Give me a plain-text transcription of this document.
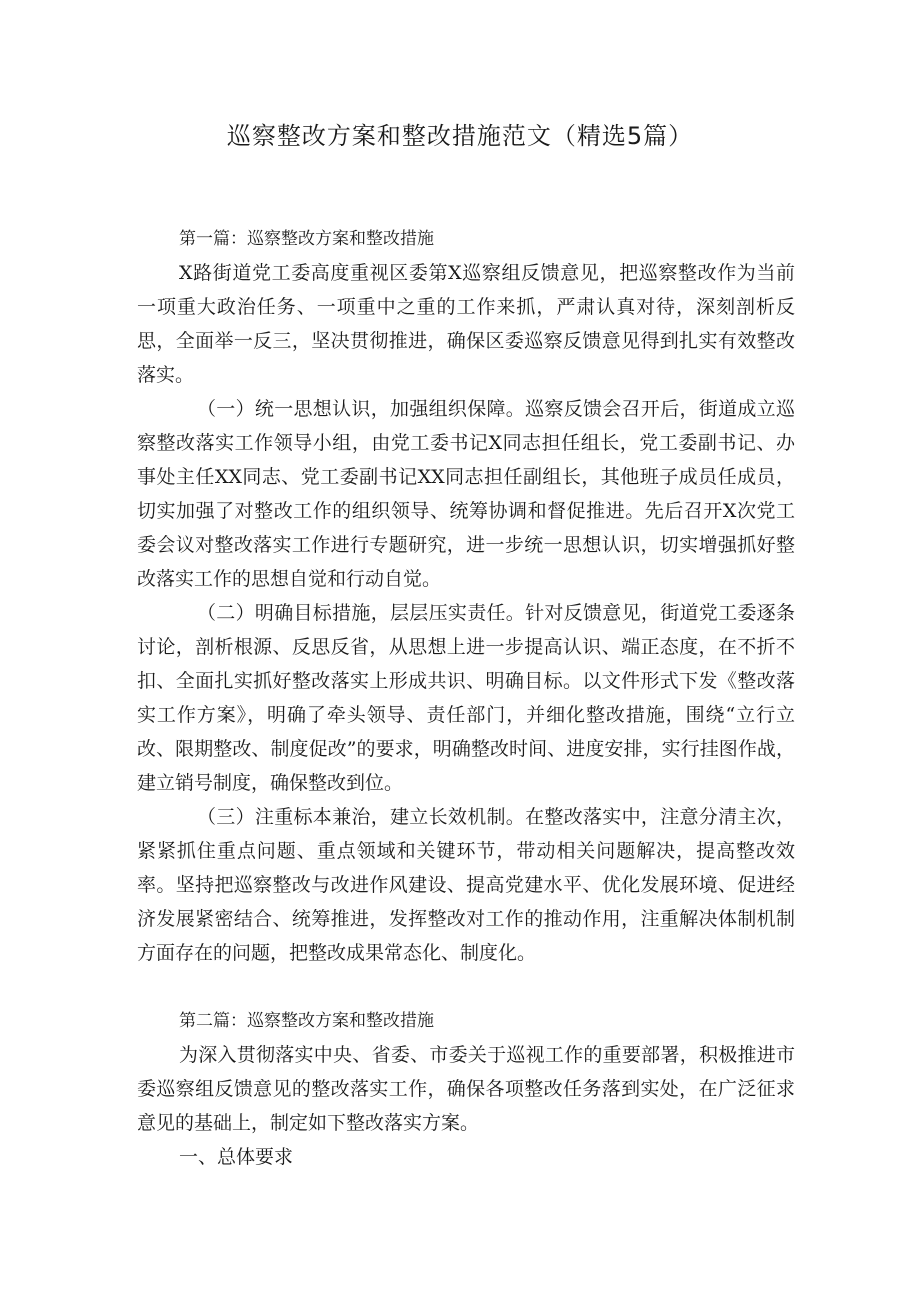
巡察整改方案和整改措施范文（精选5篇）

第一篇：巡察整改方案和整改措施

X路街道党工委高度重视区委第X巡察组反馈意见，把巡察整改作为当前一项重大政治任务、一项重中之重的工作来抓，严肃认真对待，深刻剖析反思，全面举一反三，坚决贯彻推进，确保区委巡察反馈意见得到扎实有效整改落实。

（一）统一思想认识，加强组织保障。巡察反馈会召开后，街道成立巡察整改落实工作领导小组，由党工委书记X同志担任组长，党工委副书记、办事处主任XX同志、党工委副书记XX同志担任副组长，其他班子成员任成员，切实加强了对整改工作的组织领导、统筹协调和督促推进。先后召开X次党工委会议对整改落实工作进行专题研究，进一步统一思想认识，切实增强抓好整改落实工作的思想自觉和行动自觉。

（二）明确目标措施，层层压实责任。针对反馈意见，街道党工委逐条讨论，剖析根源、反思反省，从思想上进一步提高认识、端正态度，在不折不扣、全面扎实抓好整改落实上形成共识、明确目标。以文件形式下发《整改落实工作方案》，明确了牵头领导、责任部门，并细化整改措施，围绕“立行立改、限期整改、制度促改”的要求，明确整改时间、进度安排，实行挂图作战，建立销号制度，确保整改到位。

（三）注重标本兼治，建立长效机制。在整改落实中，注意分清主次，紧紧抓住重点问题、重点领域和关键环节，带动相关问题解决，提高整改效率。坚持把巡察整改与改进作风建设、提高党建水平、优化发展环境、促进经济发展紧密结合、统筹推进，发挥整改对工作的推动作用，注重解决体制机制方面存在的问题，把整改成果常态化、制度化。

第二篇：巡察整改方案和整改措施

为深入贯彻落实中央、省委、市委关于巡视工作的重要部署，积极推进市委巡察组反馈意见的整改落实工作，确保各项整改任务落到实处，在广泛征求意见的基础上，制定如下整改落实方案。

一、总体要求
